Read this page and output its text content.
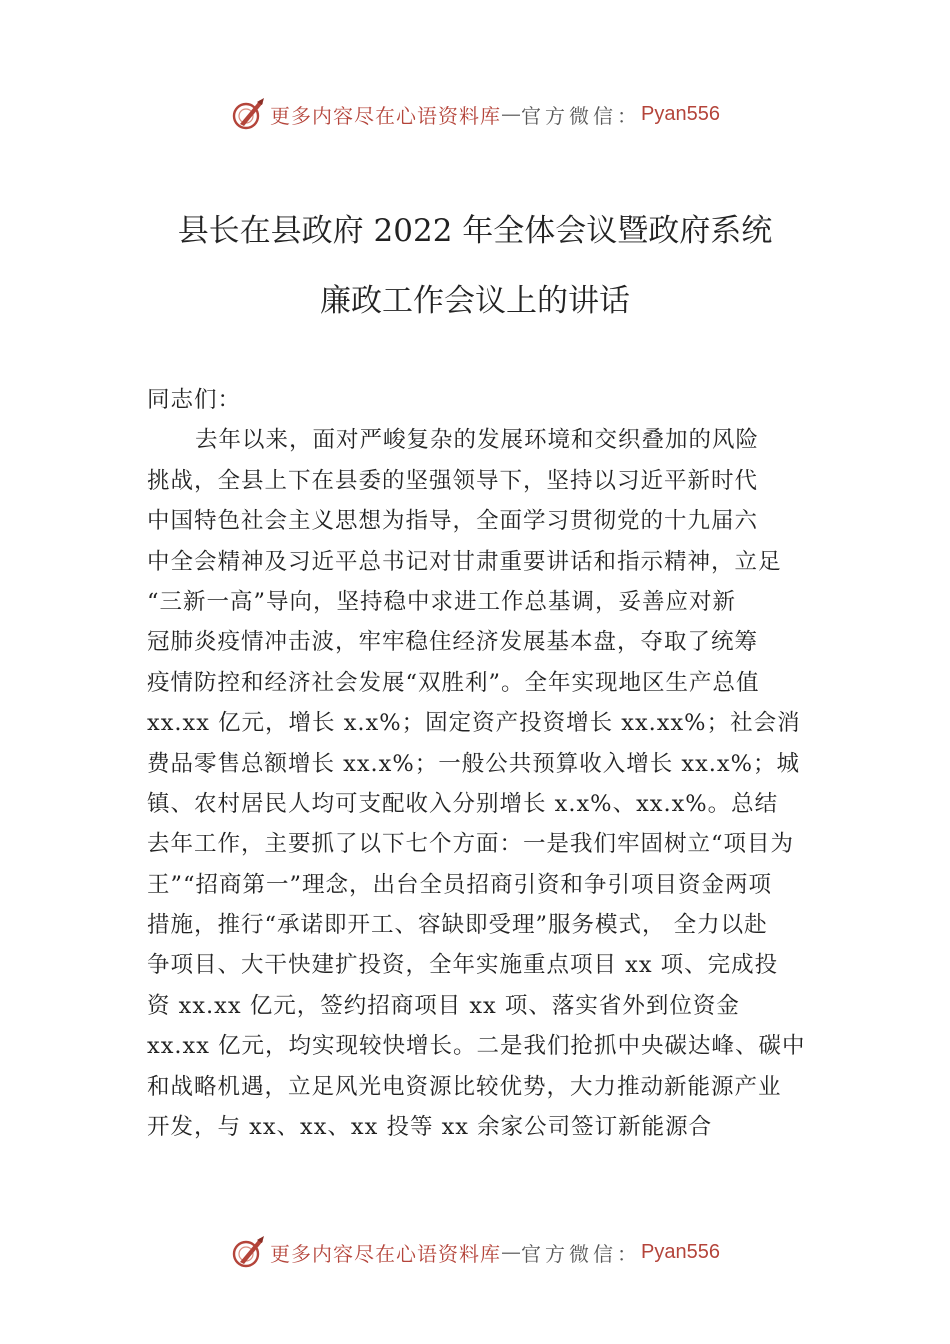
更多内容尽在心语资料库 — 官方微信： Pyan556
县长在县政府 2022 年全体会议暨政府系统
廉政工作会议上的讲话
同志们：
去年以来，面对严峻复杂的发展环境和交织叠加的风险
挑战，全县上下在县委的坚强领导下，坚持以习近平新时代
中国特色社会主义思想为指导，全面学习贯彻党的十九届六
中全会精神及习近平总书记对甘肃重要讲话和指示精神，立足
“三新一高”导向，坚持稳中求进工作总基调，妥善应对新
冠肺炎疫情冲击波，牢牢稳住经济发展基本盘，夺取了统筹
疫情防控和经济社会发展“双胜利”。全年实现地区生产总值
xx.xx 亿元，增长 x.x%；固定资产投资增长 xx.xx%；社会消
费品零售总额增长 xx.x%；一般公共预算收入增长 xx.x%；城
镇、农村居民人均可支配收入分别增长 x.x%、xx.x%。总结
去年工作，主要抓了以下七个方面：一是我们牢固树立“项目为
王”“招商第一”理念，出台全员招商引资和争引项目资金两项
措施，推行“承诺即开工、容缺即受理”服务模式， 全力以赴
争项目、大干快建扩投资，全年实施重点项目 xx 项、完成投
资 xx.xx 亿元，签约招商项目 xx 项、落实省外到位资金
xx.xx 亿元，均实现较快增长。二是我们抢抓中央碳达峰、碳中
和战略机遇，立足风光电资源比较优势，大力推动新能源产业
开发，与 xx、xx、xx 投等 xx 余家公司签订新能源合
更多内容尽在心语资料库 — 官方微信： Pyan556
